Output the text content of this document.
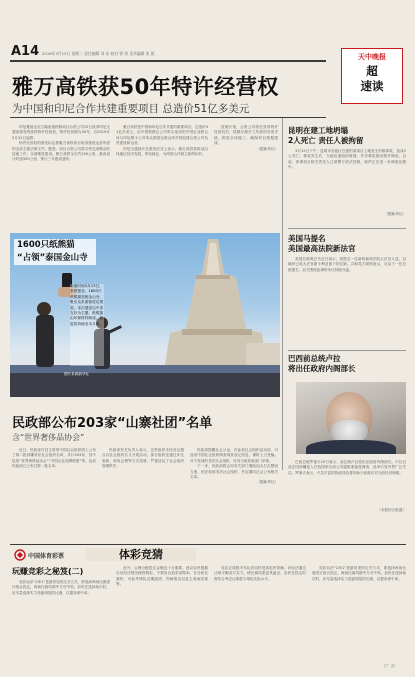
A14 2016年3月15日 星期二 责任编辑 刘 东 校对 曾 彤 美术编辑 张 凯	天中晚报
超
速读
雅万高铁获50年特许经营权
为中国和印尼合作共建重要项目 总造价51亿多美元

印尼雅加达至万隆高速铁路项目合资公司15日获得印尼交通部颁发的高铁特许经营权，特许经营期为50年，自2019年5月31日起算。

特许经营权的颁发标志着雅万高铁项目取得建设运营所需的全部主要法律文件。据悉，项目合资公司将尽快完成剩余的征地工作，全面推进建设。雅万高铁全长约150公里，最高设计时速350公里，预计三年建成通车。

雅万高铁是中国和印尼合作共建的重要项目，总造价51亿多美元，由中国铁路总公司牵头组成的中国企业联合体与印尼维卡公司牵头的国企联合体共同组建合资公司负责建设和运营。

印尼交通部长在颁发仪式上表示，雅万高铁将推动沿线地区经济发展，带动就业，为两国合作树立新的标杆。

按照计划，合资公司将在获得特许经营权后，抓紧办理开工所需的各项手续，推进全线施工，确保项目按期建成。

（据新华社）
昆明在建工地坍塌
2人死亡 责任人被拘留

3月12日下午，昆明市官渡区在建的某项目工地发生坍塌事故，造成2人死亡。事故发生后，当地迅速组织救援，并对事故原因展开调查。目前，涉事项目相关责任人已被警方依法控制，案件正在进一步调查处理中。

（据新华社）
美国马提名
美国最高法院新法官

美国总统奥巴马近日表示，将提名一位新的最高法院大法官人选，以填补已故大法官斯卡利亚留下的空缺。共和党方面则表示，应由下一任总统提名，双方围绕此事的争议持续升温。

巴西前总统卢拉
将出任政府内阁部长

巴西总统罗塞夫15日表示，前总统卢拉将出任政府内阁部长。卢拉目前正因涉嫌卷入巴西国家石油公司腐败案接受调查，此举引发外界广泛关注。罗塞夫表示，卢拉丰富的执政经验将有助于政府应对当前经济困难。

（本报综合报道）
1600只纸熊猫
“占领”泰国金山寺
当地时间3月13日，泰国曼谷，1600只纸熊猫亮相金山寺，吸引众多游客驻足观赏。本次展览以中泰友好为主题，纸熊猫由环保材料制成，展览将持续至本月底。
图片来源新华社
民政部公布203家“山寨社团”名单
含“世界奢侈品协会”

近日，民政部在其主管的中国社会组织网上公布了第二批涉嫌非法社会组织名单，共计203家，其中包括“世界奢侈品协会”“中国企业品牌联盟”等。此前民政部已公布过第一批名单。

民政部有关负责人表示，这些组织未经登记擅自以社会组织名义开展活动，部分组织还通过评比表彰、收取会费等方式敛财，严重扰乱了社会组织管理秩序。

民政部提醒社会公众，在参加社会组织活动前，可登录中国社会组织网查询其登记信息，谨防上当受骗。对于发现的非法社会组织，可向当地民政部门举报。

下一步，民政部将会同有关部门继续加大打击整治力度，依法取缔非法社会组织，并定期向社会公布相关名单。

（据新华社）
中国体育彩票	体彩竞猜
玩赚竞彩之秘笈(二)

竞彩玩法“2串1”是最常见的过关方式，即选择两场比赛进行组合投注，两场比赛均猜中方可中奖。彩民在选择场次时，应尽量选择实力差距明显的比赛，以提高命中率。

此外，合理分配投注金额也十分重要。建议彩民根据自身经济情况理性购彩，不要盲目追求高赔率。在分析比赛时，可参考球队近期战绩、伤病情况以及主客场因素等。

竞彩让球胜平负玩法同样受到彩民青睐。该玩法通过让球平衡双方实力，使比赛结果更具悬念，彩民在投注时需综合考虑让球数与球队实际水平。

竞彩玩法“2串1”是最常见的过关方式，即选择两场比赛进行组合投注，两场比赛均猜中方可中奖。彩民在选择场次时，应尽量选择实力差距明显的比赛，以提高命中率。

（广 文）
